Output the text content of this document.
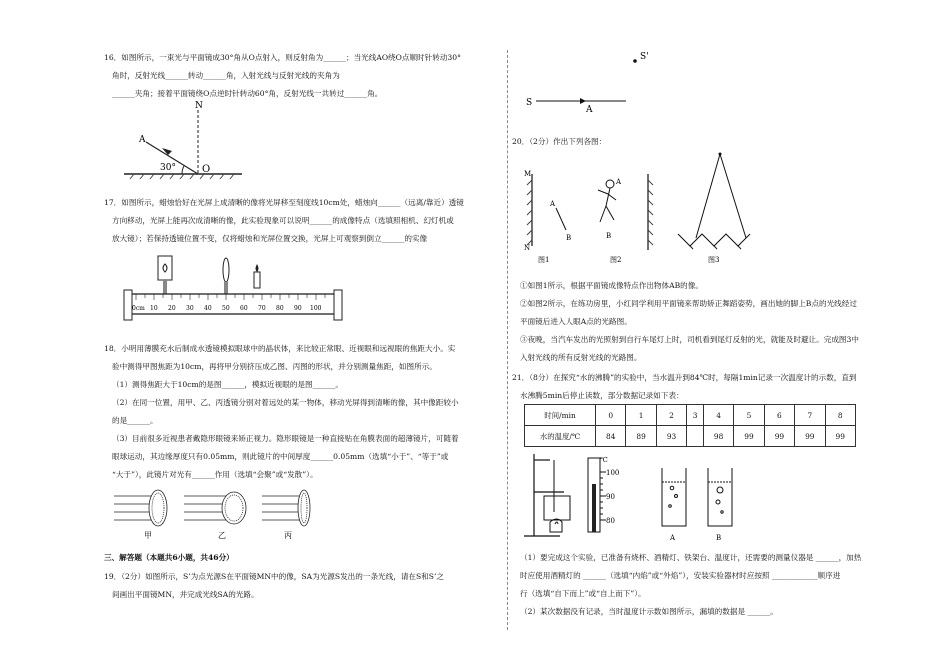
16．如图所示，一束光与平面镜成30°角从O点射入，则反射角为______；当光线AO绕O点顺时针转动30°
角时，反射光线______转动______角，入射光线与反射光线的夹角为
______夹角；接着平面镜绕O点逆时针转动60°角，反射光线一共转过______角。
N
A
O
30°
17．如图所示，蜡烛恰好在光屏上成清晰的像将光屏移至刻度线10cm处，蜡烛向______（远离/靠近）透镜
方向移动，光屏上能再次成清晰的像，此实验现象可以说明______的成像特点（选填照相机、幻灯机或
放大镜）；若保持透镜位置不变，仅将蜡烛和光屏位置交换，光屏上可观察到倒立______的实像
0cm 10 20 30 40 50 60 70 80 90 100
18．小明用薄膜充水后制成水透镜模拟眼球中的晶状体，来比较正常眼、近视眼和远视眼的焦距大小。实
验中测得甲图焦距为10cm，再将甲分别挤压成乙图、丙图的形状，并分别测量焦距，如图所示。
（1）测得焦距大于10cm的是图______，模拟近视眼的是图______。
（2）在同一位置，用甲、乙、丙透镜分别对着远处的某一物体，移动光屏得到清晰的像，其中像距较小
的是______。
（3）目前很多近视患者戴隐形眼镜来矫正视力。隐形眼镜是一种直接贴在角膜表面的超薄镜片，可随着
眼球运动，其边缘厚度只有0.05mm，则此镜片的中间厚度______0.05mm（选填“小于”、“等于”或
“大于”），此镜片对光有______作用（选填“会聚”或“发散”）。
甲	乙	丙
三、解答题（本题共6小题，共46分）
19．（2分）如图所示，S’为点光源S在平面镜MN中的像，SA为光源S发出的一条光线，请在S和S’之
间画出平面镜MN，并完成光线SA的光路。
S'
S
A
20．（2分）作出下列各图：
M
N
A
B
图1
A
B
图2	图3
①如图1所示，根据平面镜成像特点作出物体AB的像。
②如图2所示，在练功房里，小红同学利用平面镜来帮助矫正舞蹈姿势，画出她的脚上B点的光线经过
平面镜后进入人眼A点的光路图。
③夜晚，当汽车发出的光照射到自行车尾灯上时，司机看到尾灯反射的光，就能及时避让。完成图3中
入射光线的所有反射光线的光路图。
21．（8分）在探究“水的沸腾”的实验中，当水温升到84℃时，每隔1min记录一次温度计的示数，直到
水沸腾5min后停止读数，部分数据记录如下表：
时间/min	0	1	2	3	4	5	6	7	8
水的温度/℃	84	89	93		98	99	99	99	99
℃
100
90
80
A	B
（1）要完成这个实验，已准备有烧杯、酒精灯、铁架台、温度计，还需要的测量仪器是 ______，加热
时应使用酒精灯的 ______（选填“内焰”或“外焰”），安装实验器材时应按照 ____________顺序进
行（选填“自下而上”或“自上而下”）。
（2）某次数据没有记录，当时温度计示数如图所示，漏填的数据是 ______。
